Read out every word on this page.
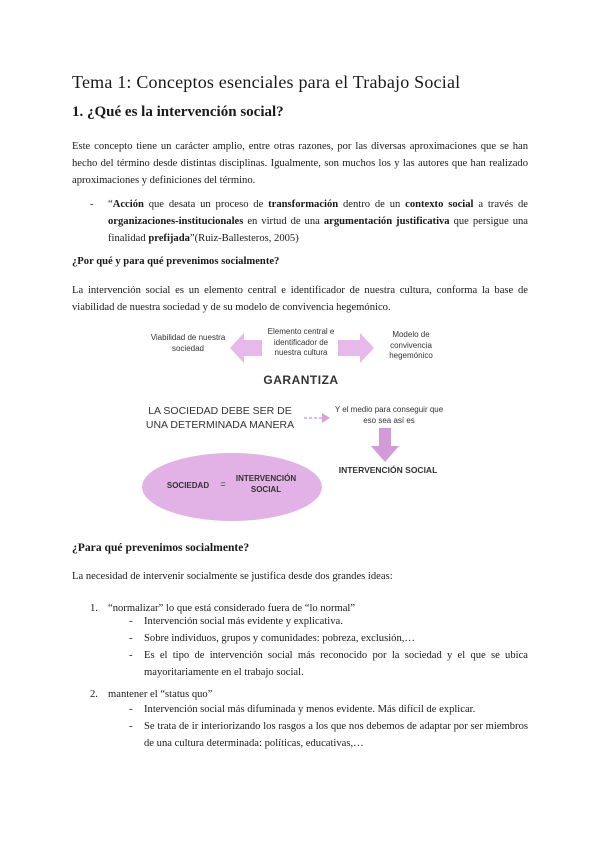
Tema 1: Conceptos esenciales para el Trabajo Social
1. ¿Qué es la intervención social?

Este concepto tiene un carácter amplio, entre otras razones, por las diversas aproximaciones que se han hecho del término desde distintas disciplinas. Igualmente, son muchos los y las autores que han realizado aproximaciones y definiciones del término.

- “Acción que desata un proceso de transformación dentro de un contexto social a través de organizaciones-institucionales en virtud de una argumentación justificativa que persigue una finalidad prefijada”(Ruiz-Ballesteros, 2005)

¿Por qué y para qué prevenimos socialmente?

La intervención social es un elemento central e identificador de nuestra cultura, conforma la base de viabilidad de nuestra sociedad y de su modelo de convivencia hegemónico.

Viabilidad de nuestra sociedad
Elemento central e identificador de nuestra cultura
Modelo de convivencia hegemónico
GARANTIZA
LA SOCIEDAD DEBE SER DE UNA DETERMINADA MANERA
Y el medio para conseguir que eso sea así es
INTERVENCIÓN SOCIAL
SOCIEDAD	=
INTERVENCIÓN SOCIAL
¿Para qué prevenimos socialmente?

La necesidad de intervenir socialmente se justifica desde dos grandes ideas:

1. “normalizar” lo que está considerado fuera de “lo normal”
- Intervención social más evidente y explicativa.
- Sobre individuos, grupos y comunidades: pobreza, exclusión,…
- Es el tipo de intervención social más reconocido por la sociedad y el que se ubica mayoritariamente en el trabajo social.
2. mantener el “status quo”
- Intervención social más difuminada y menos evidente. Más difícil de explicar.
- Se trata de ir interiorizando los rasgos a los que nos debemos de adaptar por ser miembros de una cultura determinada: políticas, educativas,…
